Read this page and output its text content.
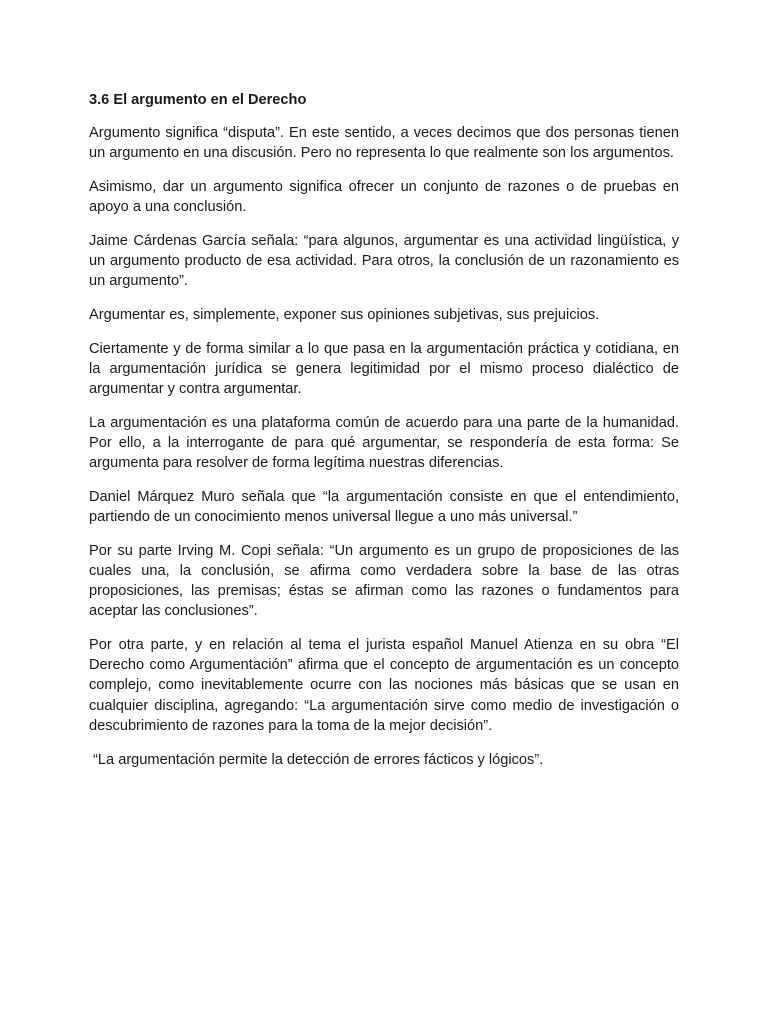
3.6 El argumento en el Derecho

Argumento significa “disputa”. En este sentido, a veces decimos que dos personas tienen un argumento en una discusión. Pero no representa lo que realmente son los argumentos.

Asimismo, dar un argumento significa ofrecer un conjunto de razones o de pruebas en apoyo a una conclusión.

Jaime Cárdenas García señala: “para algunos, argumentar es una actividad lingüística, y un argumento producto de esa actividad. Para otros, la conclusión de un razonamiento es un argumento”.

Argumentar es, simplemente, exponer sus opiniones subjetivas, sus prejuicios.

Ciertamente y de forma similar a lo que pasa en la argumentación práctica y cotidiana, en la argumentación jurídica se genera legitimidad por el mismo proceso dialéctico de argumentar y contra argumentar.

La argumentación es una plataforma común de acuerdo para una parte de la humanidad. Por ello, a la interrogante de para qué argumentar, se respondería de esta forma: Se argumenta para resolver de forma legítima nuestras diferencias.

Daniel Márquez Muro señala que “la argumentación consiste en que el entendimiento, partiendo de un conocimiento menos universal llegue a uno más universal.”

Por su parte Irving M. Copi señala: “Un argumento es un grupo de proposiciones de las cuales una, la conclusión, se afirma como verdadera sobre la base de las otras proposiciones, las premisas; éstas se afirman como las razones o fundamentos para aceptar las conclusiones”.

Por otra parte, y en relación al tema el jurista español Manuel Atienza en su obra “El Derecho como Argumentación” afirma que el concepto de argumentación es un concepto complejo, como inevitablemente ocurre con las nociones más básicas que se usan en cualquier disciplina, agregando: “La argumentación sirve como medio de investigación o descubrimiento de razones para la toma de la mejor decisión”.

“La argumentación permite la detección de errores fácticos y lógicos”.
